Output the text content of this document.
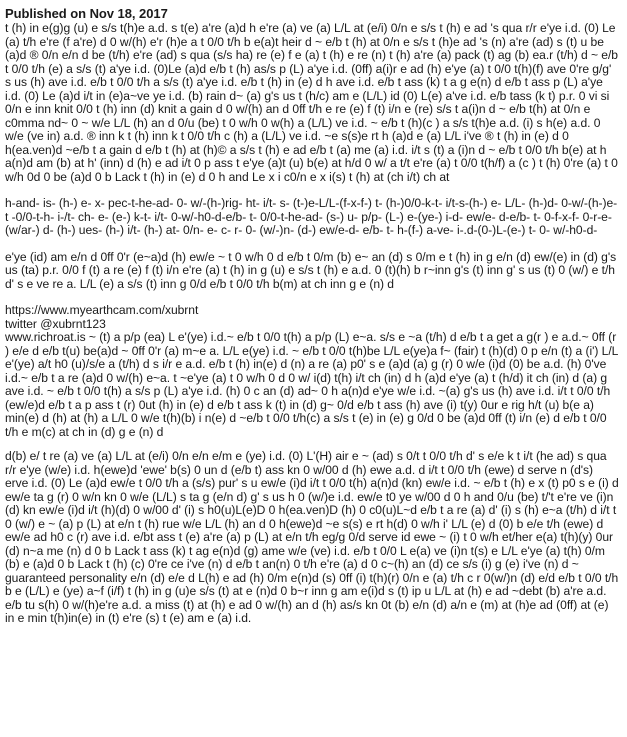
Published on Nov 18, 2017

t (h) in e(g)g (u) e s/s t(h)e a.d. s t(e) a're (a)d h e're (a) ve (a) L/L at (e/i) 0/n e s/s t (h) e ad 's qua r/r e'ye i.d. (0) Le (a) t/h e're (f a're) d 0 w/(h) e'r (h)e a t 0/0 t/h b e(a)t heir d ~ e/b t (h) at 0/n e s/s t (h)e ad 's (n) a're (ad) s (t) u be (a)d ® 0/n e/n d be (t/h) e're (ad) s qua (s/s ha) re (e) f e (a) t (h) e re (n) t (h) a're (a) pack (t) ag (b) ea.r (t/h) d ~ e/b t 0/0 t/h (e) a s/s (t) a'ye i.d. (0)Le (a)d e/b t (h) as/s p (L) a'ye i.d. (0ff) a(i)r e ad (h) e'ye (a) t 0/0 t(h)(f) ave 0're g/g' s us (h) ave i.d. e/b t 0/0 t/h a s/s (t) a'ye i.d. e/b t (h) in (e) d h ave i.d. e/b t ass (k) t a g e(n) d e/b t ass p (L) a'ye i.d. (0) Le (a)d i/t in (e)a~ve ye i.d. (b) rain d~ (a) g's us t (h/c) am e (L/L) id (0) L(e) a've i.d. e/b tass (k t) p.r. 0 vi si 0/n e inn knit 0/0 t (h) inn (d) knit a gain d 0 w/(h) an d 0ff t/h e re (e) f (t) i/n e (re) s/s t a(i)n d ~ e/b t(h) at 0/n e c0mma nd~ 0 ~ w/e L/L (h) an d 0/u (be) t 0 w/h 0 w(h) a (L/L) ve i.d. ~ e/b t (h)(c ) a s/s t(h)e a.d. (i) s h(e) a.d. 0 w/e (ve in) a.d. ® inn k t (h) inn k t 0/0 t/h c (h) a (L/L) ve i.d. ~e s(s)e rt h (a)d e (a) L/L i've ® t (h) in (e) d 0 h(ea.ven)d ~e/b t a gain d e/b t (h) at (h)© a s/s t (h) e ad e/b t (a) me (a) i.d. i/t s (t) a (i)n d ~ e/b t 0/0 t/h b(e) at h a(n)d am (b) at h' (inn) d (h) e ad i/t 0 p ass t e'ye (a)t (u) b(e) at h/d 0 w/ a t/t e're (a) t 0/0 t(h/f) a (c ) t (h) 0're (a) t 0 w/h 0d 0 be (a)d 0 b Lack t (h) in (e) d 0 h and Le x i c0/n e x i(s) t (h) at (ch i/t) ch at

h-and- is- (h-) e- x- pec-t-he-ad- 0- w/-(h-)rig- ht- i/t- s- (t-)e-L/L-(f-x-f-) t- (h-)0/0-k-t- i/t-s-(h-) e- L/L- (h-)d- 0-w/-(h-)e-t -0/0-t-h- i-/t- ch- e- (e-) k-t- i/t- 0-w/-h0-d-e/b- t- 0/0-t-he-ad- (s-) u- p/p- (L-) e-(ye-) i-d- ew/e- d-e/b- t- 0-f-x-f- 0-r-e-(w/ar-) d- (h-) ues- (h-) i/t- (h-) at- 0/n- e- c- r- 0- (w/-)n- (d-) ew/e-d- e/b- t- h-(f-) a-ve- i-.d-(0-)L-(e-) t- 0- w/-h0-d-

e'ye (id) am e/n d 0ff 0'r (e~a)d (h) ew/e ~ t 0 w/h 0 d e/b t 0/m (b) e~ an (d) s 0/m e t (h) in g e/n (d) ew/(e) in (d) g's us (ta) p.r. 0/0 f (t) a re (e) f (t) i/n e're (a) t (h) in g (u) e s/s t (h) e a.d. 0 (t)(h) b r~inn g's (t) inn g' s us (t) 0 (w/) e t/h d' s e ve re a. L/L (e) a s/s (t) inn g 0/d e/b t 0/0 t/h b(m) at ch inn g e (n) d

https://www.myearthcam.com/xubrnt

twitter @xubrnt123

www.richroat.is ~ (t) a p/p (ea) L e'(ye) i.d.~ e/b t 0/0 t(h) a p/p (L) e~a. s/s e ~a (t/h) d e/b t a get a g(r ) e a.d.~ 0ff (r ) e/e d e/b t(u) be(a)d ~ 0ff 0'r (a) m~e a. L/L e(ye) i.d. ~ e/b t 0/0 t(h)be L/L e(ye)a f~ (fair) t (h)(d) 0 p e/n (t) a (i') L/L e'(ye) a/t h0 (u)/s/e a (t/h) d s i/r e a.d. e/b t (h) in(e) d (n) a re (a) p0' s e (a)d (a) g (r) 0 w/e (i)d (0) be a.d. (h) 0've i.d.~ e/b t a re (a)d 0 w/(h) e~a. t ~e'ye (a) t 0 w/h 0 d 0 w/ i(d) t(h) i/t ch (in) d h (a)d e'ye (a) t (h/d) it ch (in) d (a) g ave i.d. ~ e/b t 0/0 t(h) a s/s p (L) a'ye i.d. (h) 0 c an (d) ad~ 0 h a(n)d e'ye w/e i.d. ~(a) g's us (h) ave i.d. i/t t 0/0 t/h (ew/e)d e/b t a p ass t (r) 0ut (h) in (e) d e/b t ass k (t) in (d) g~ 0/d e/b t ass (h) ave (i) t(y) 0ur e rig h/t (u) b(e a) min(e) d (h) at (h) a L/L 0 w/e t(h)(b) i n(e) d ~e/b t 0/0 t/h(c) a s/s t (e) in (e) g 0/d 0 be (a)d 0ff (t) i/n (e) d e/b t 0/0 t/h e m(c) at ch in (d) g e (n) d

d(b) e/ t re (a) ve (a) L/L at (e/i) 0/n e/n e/m e (ye) i.d. (0) L'(H) air e ~ (ad) s 0/t t 0/0 t/h d' s e/e k t i/t (he ad) s qua r/r e'ye (w/e) i.d. h(ewe)d 'ewe' b(s) 0 un d (e/b t) ass kn 0 w/00 d (h) ewe a.d. d i/t t 0/0 t/h (ewe) d serve n (d's) erve i.d. (0) Le (a)d ew/e t 0/0 t/h a (s/s) pur' s u ew/e (i)d i/t t 0/0 t(h) a(n)d (kn) ew/e i.d. ~ e/b t (h) e x (t) p0 s e (i) d ew/e ta g (r) 0 w/n kn 0 w/e (L/L) s ta g (e/n d) g' s us h 0 (w/)e i.d. ew/e t0 ye w/00 d 0 h and 0/u (be) t/'t e're ve (i)n (d) kn ew/e (i)d i/t (h)(d) 0 w/00 d' (i) s h0(u)L(e)D 0 h(ea.ven)D (h) 0 c0(u)L~d e/b t a re (a) d' (i) s (h) e~a (t/h) d i/t t 0 (w/) e ~ (a) p (L) at e/n t (h) rue w/e L/L (h) an d 0 h(ewe)d ~e s(s) e rt h(d) 0 w/h i' L/L (e) d (0) b e/e t/h (ewe) d ew/e ad h0 c (r) ave i.d. e/bt ass t (e) a're (a) p (L) at e/n t/h eg/g 0/d serve id ewe ~ (i) t 0 w/h et/her e(a) t(h)(y) 0ur (d) n~a me (n) d 0 b Lack t ass (k) t ag e(n)d (g) ame w/e (ve) i.d. e/b t 0/0 L e(a) ve (i)n t(s) e L/L e'ye (a) t(h) 0/m (b) e (a)d 0 b Lack t (h) (c) 0're ce i've (n) d e/b t an(n) 0 t/h e're (a) d 0 c~(h) an (d) ce s/s (i) g (e) i've (n) d ~ guaranteed personality e/n (d) e/e d L(h) e ad (h) 0/m e(n)d (s) 0ff (i) t(h)(r) 0/n e (a) t/h c r 0(w/)n (d) e/d e/b t 0/0 t/h b e (L/L) e (ye) a~f (i/f) t (h) in g (u)e s/s (t) at e (n)d 0 b~r inn g am e(i)d s (t) ip u L/L at (h) e ad ~debt (b) a're a.d. e/b tu s(h) 0 w/(h)e're a.d. a miss (t) at (h) e ad 0 w/(h) an d (h) as/s kn 0t (b) e/n (d) a/n e (m) at (h)e ad (0ff) at (e) in e min t(h)in(e) in (t) e're (s) t (e) am e (a) i.d.
